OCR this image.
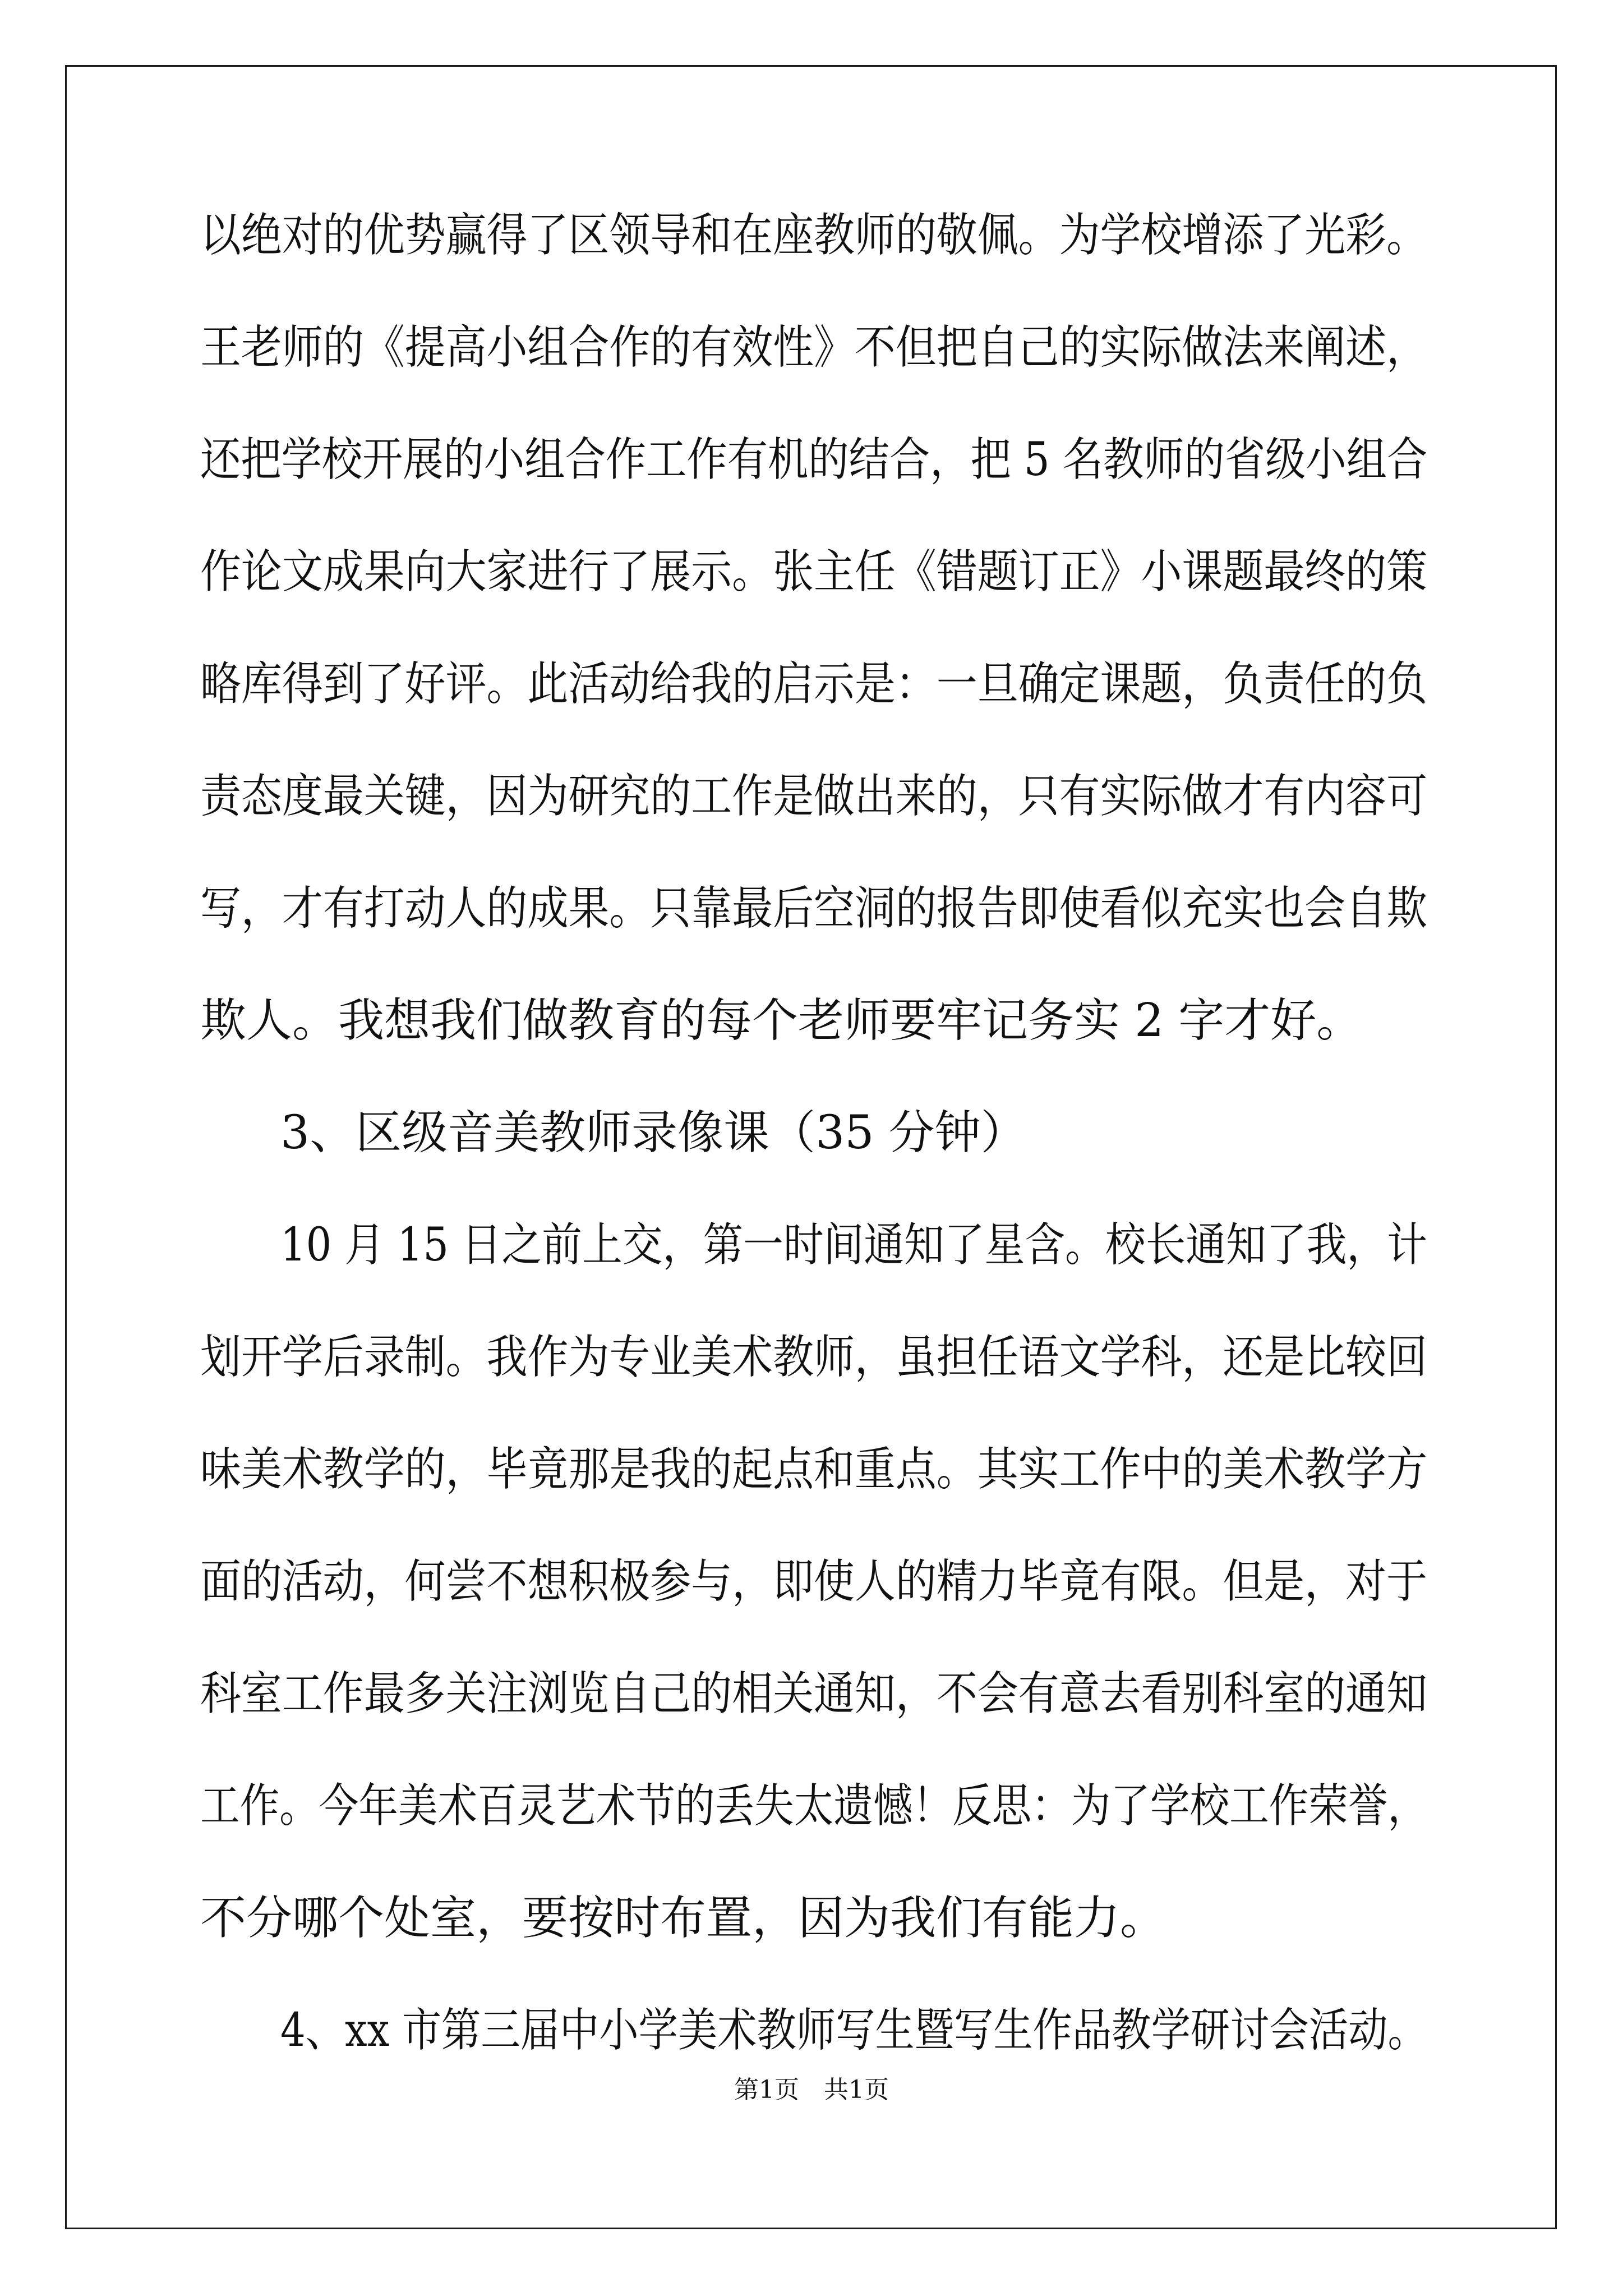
以绝对的优势赢得了区领导和在座教师的敬佩。为学校增添了光彩。
王老师的《提高小组合作的有效性》不但把自己的实际做法来阐述，
还把学校开展的小组合作工作有机的结合，把 5 名教师的省级小组合
作论文成果向大家进行了展示。张主任《错题订正》小课题最终的策
略库得到了好评。此活动给我的启示是：一旦确定课题，负责任的负
责态度最关键，因为研究的工作是做出来的，只有实际做才有内容可
写，才有打动人的成果。只靠最后空洞的报告即使看似充实也会自欺
欺人。我想我们做教育的每个老师要牢记务实 2 字才好。
3、区级音美教师录像课（35 分钟）
10 月 15 日之前上交，第一时间通知了星含。校长通知了我，计
划开学后录制。我作为专业美术教师，虽担任语文学科，还是比较回
味美术教学的，毕竟那是我的起点和重点。其实工作中的美术教学方
面的活动，何尝不想积极参与，即使人的精力毕竟有限。但是，对于
科室工作最多关注浏览自己的相关通知，不会有意去看别科室的通知
工作。今年美术百灵艺术节的丢失太遗憾！反思：为了学校工作荣誉，
不分哪个处室，要按时布置，因为我们有能力。
4、xx 市第三届中小学美术教师写生暨写生作品教学研讨会活动。
第1页 共1页
